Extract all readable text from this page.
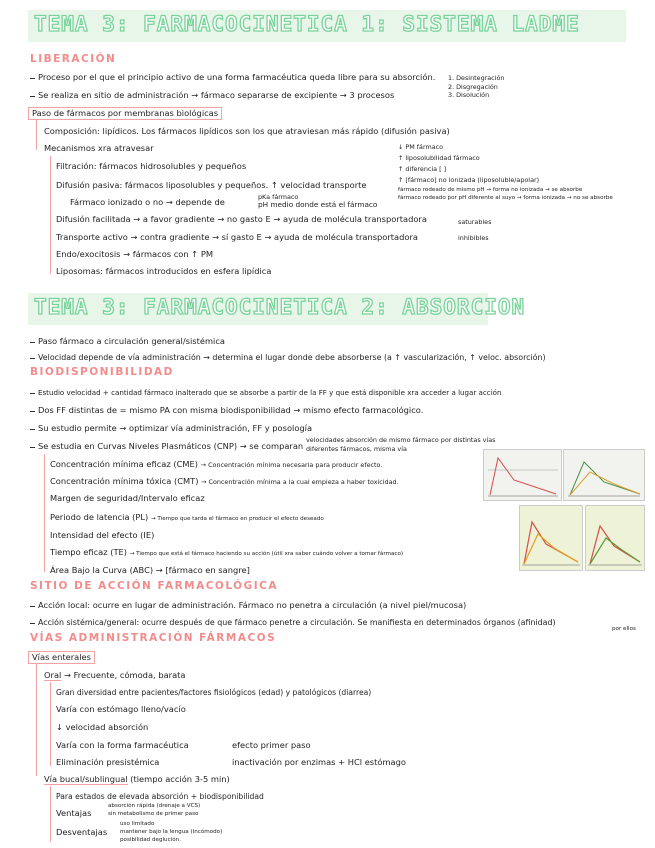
TEMA 3: FARMACOCINETICA 1: SISTEMA LADME
LIBERACIÓN
Proceso por el que el principio activo de una forma farmacéutica queda libre para su absorción. 1. Desintegración
Se realiza en sitio de administración → fármaco separarse de excipiente → 3 procesos
2. Disgregación
3. Disolución
Paso de fármacos por membranas biológicas
Composición: lipídicos. Los fármacos lipídicos son los que atraviesan más rápido (difusión pasiva)
Mecanismos xra atravesar
Filtración: fármacos hidrosolubles y pequeños
Difusión pasiva: fármacos liposolubles y pequeños. ↑ velocidad transporte
Fármaco ionizado o no → depende de	pKa fármaco
pH medio donde está el fármaco
Difusión facilitada → a favor gradiente → no gasto E → ayuda de molécula transportadora
Transporte activo → contra gradiente → sí gasto E → ayuda de molécula transportadora
saturables
inhibibles
Endo/exocitosis → fármacos con ↑ PM
Liposomas: fármacos introducidos en esfera lipídica
↓ PM fármaco
↑ liposolubilidad fármaco
↑ diferencia [ ]
↑ [fármaco] no ionizada (liposoluble/apolar)
fármaco rodeado de mismo pH → forma no ionizada → se absorbe
fármaco rodeado por pH diferente al suyo → forma ionizada → no se absorbe
TEMA 3: FARMACOCINETICA 2: ABSORCION
Paso fármaco a circulación general/sistémica
Velocidad depende de vía administración → determina el lugar donde debe absorberse (a ↑ vascularización, ↑ veloc. absorción)
BIODISPONIBILIDAD
Estudio velocidad + cantidad fármaco inalterado que se absorbe a partir de la FF y que está disponible xra acceder a lugar acción
Dos FF distintas de = mismo PA con misma biodisponibilidad → mismo efecto farmacológico.
Su estudio permite → optimizar vía administración, FF y posología
Se estudia en Curvas Niveles Plasmáticos (CNP) → se comparan
velocidades absorción de mismo fármaco por distintas vías
diferentes fármacos, misma vía
Concentración mínima eficaz (CME) → Concentración mínima necesaria para producir efecto.
Concentración mínima tóxica (CMT) → Concentración mínima a la cual empieza a haber toxicidad.
Margen de seguridad/Intervalo eficaz
Periodo de latencia (PL) → Tiempo que tarda el fármaco en producir el efecto deseado
Intensidad del efecto (IE)
Tiempo eficaz (TE) → Tiempo que está el fármaco haciendo su acción (útil xra saber cuándo volver a tomar fármaco)
Área Bajo la Curva (ABC) → [fármaco en sangre]
SITIO DE ACCIÓN FARMACOLÓGICA
Acción local: ocurre en lugar de administración. Fármaco no penetra a circulación (a nivel piel/mucosa)
Acción sistémica/general: ocurre después de que fármaco penetre a circulación. Se manifiesta en determinados órganos (afinidad)
por ellos
VÍAS ADMINISTRACIÓN FÁRMACOS
Vías enterales
Oral → Frecuente, cómoda, barata
Gran diversidad entre pacientes/factores fisiológicos (edad) y patológicos (diarrea)
Varía con estómago lleno/vacío
↓ velocidad absorción
Varía con la forma farmacéutica	efecto primer paso
Eliminación presistémica	inactivación por enzimas + HCl estómago
Vía bucal/sublingual (tiempo acción 3-5 min)
Para estados de elevada absorción + biodisponibilidad
Ventajas
absorción rápida (drenaje a VCS)
sin metabolismo de primer paso
Desventajas
uso limitado
mantener bajo la lengua (incómodo)
posibilidad deglución.
